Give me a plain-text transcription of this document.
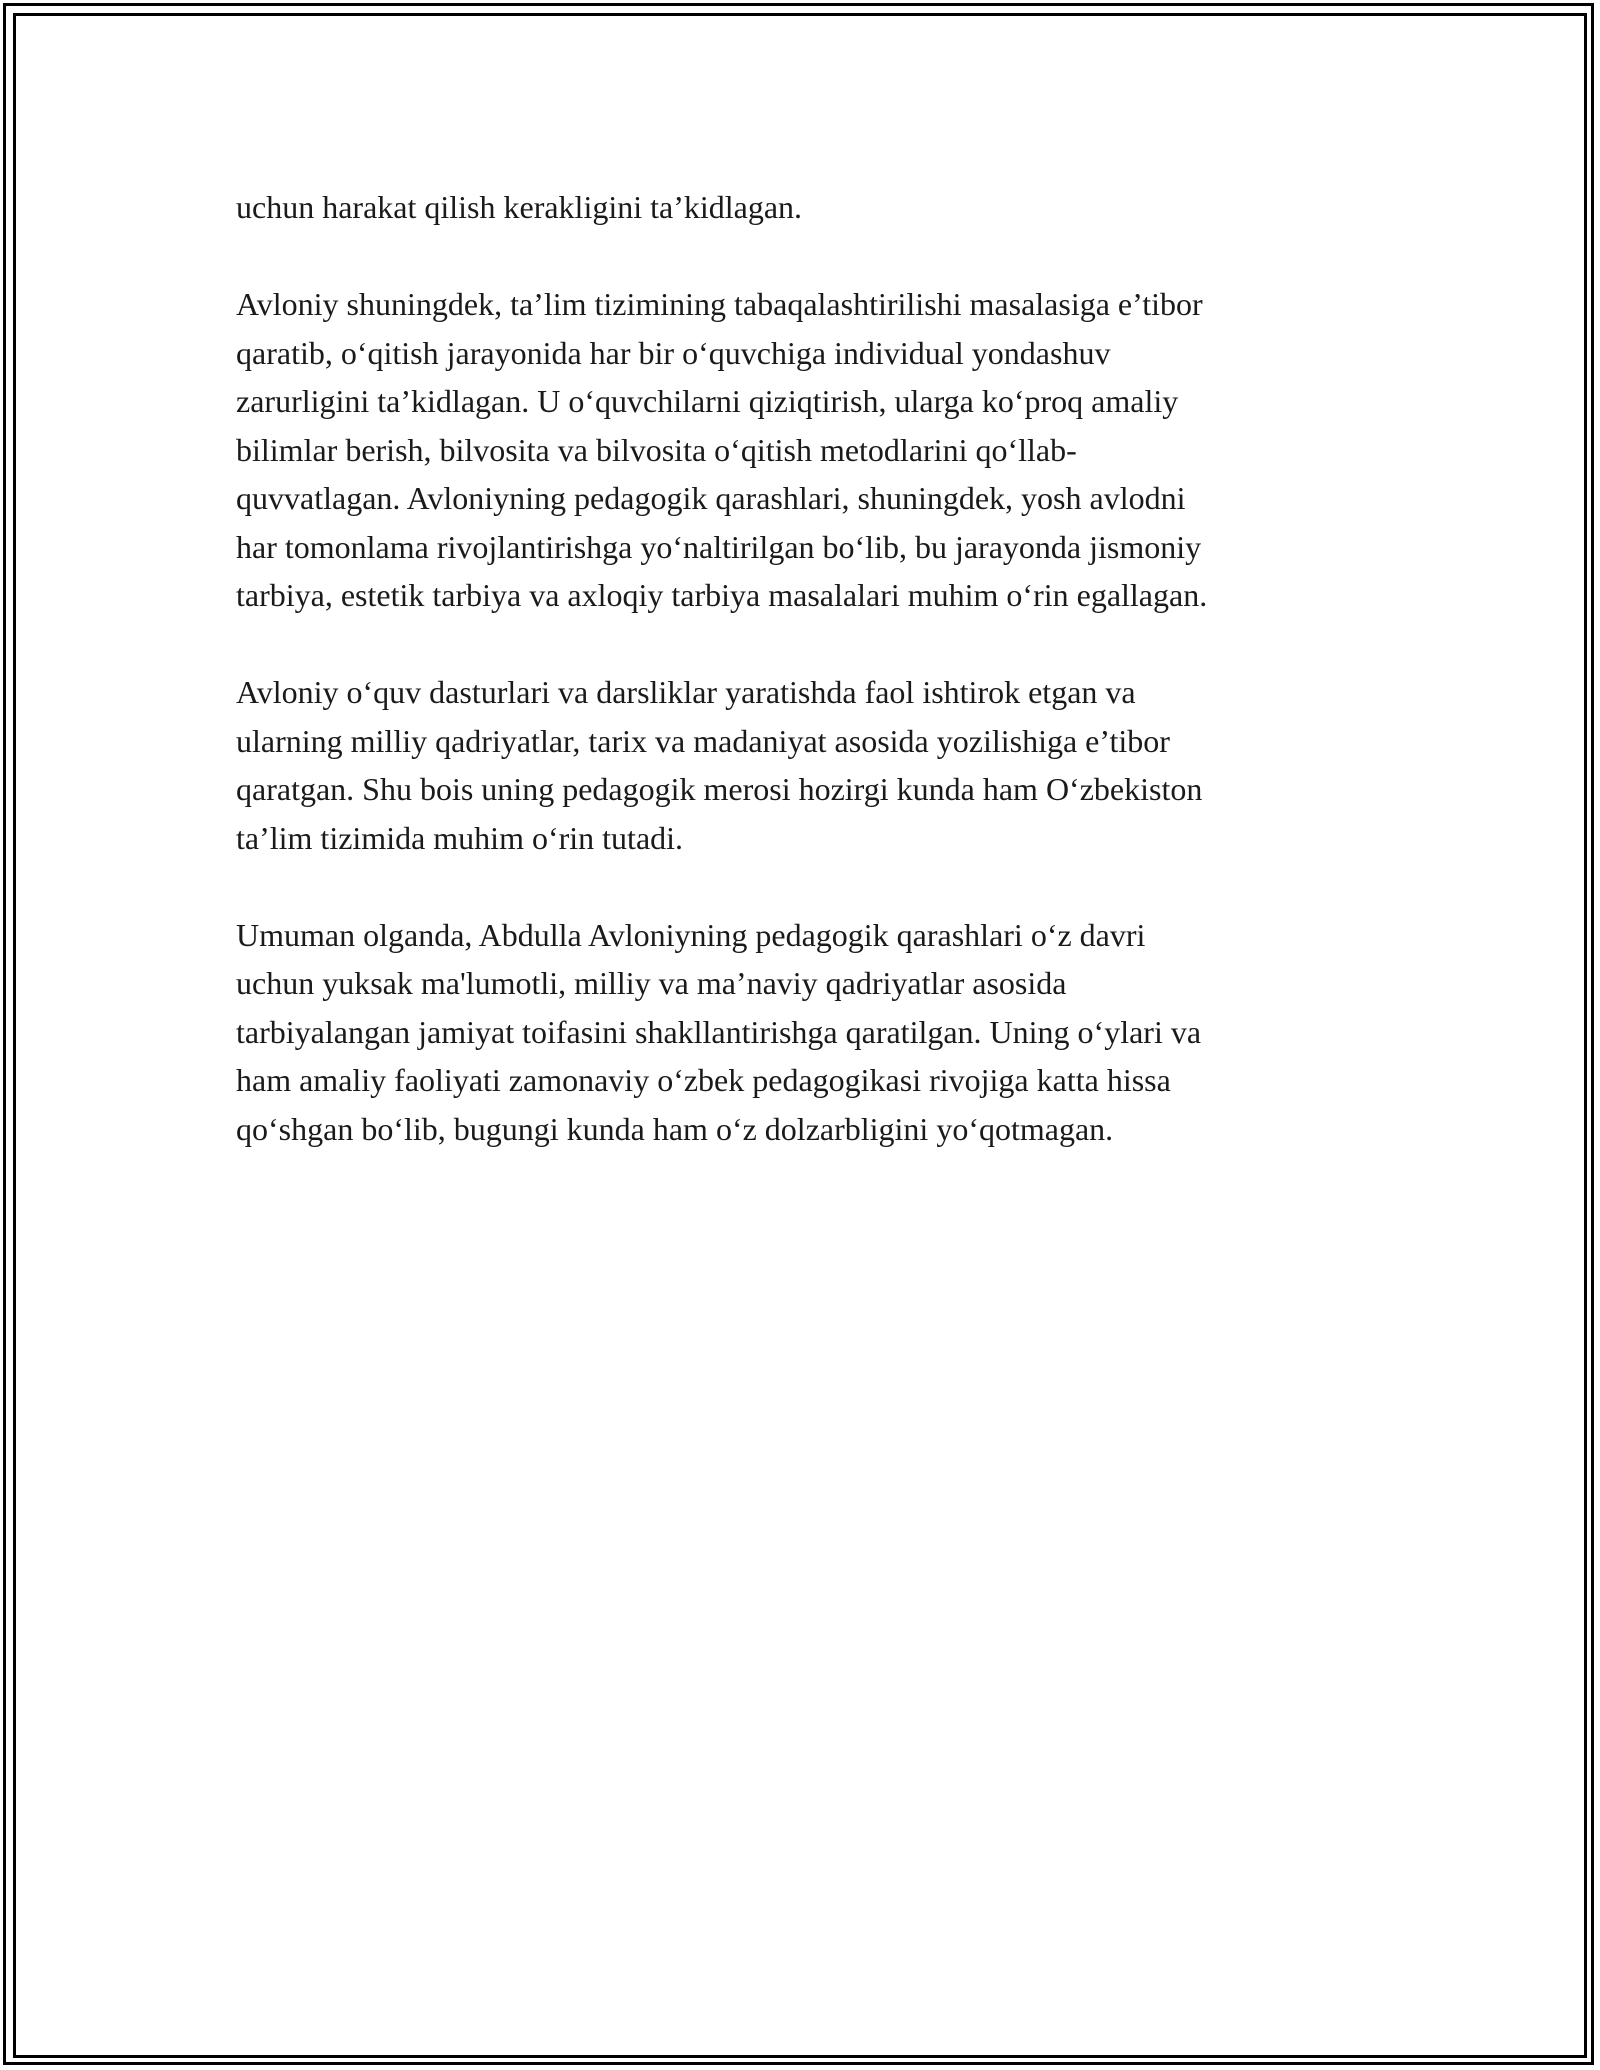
uchun harakat qilish kerakligini ta’kidlagan.

Avloniy shuningdek, ta’lim tizimining tabaqalashtirilishi masalasiga e’tibor
qaratib, o‘qitish jarayonida har bir o‘quvchiga individual yondashuv
zarurligini ta’kidlagan. U o‘quvchilarni qiziqtirish, ularga ko‘proq amaliy
bilimlar berish, bilvosita va bilvosita o‘qitish metodlarini qo‘llab-
quvvatlagan. Avloniyning pedagogik qarashlari, shuningdek, yosh avlodni
har tomonlama rivojlantirishga yo‘naltirilgan bo‘lib, bu jarayonda jismoniy
tarbiya, estetik tarbiya va axloqiy tarbiya masalalari muhim o‘rin egallagan.

Avloniy o‘quv dasturlari va darsliklar yaratishda faol ishtirok etgan va
ularning milliy qadriyatlar, tarix va madaniyat asosida yozilishiga e’tibor
qaratgan. Shu bois uning pedagogik merosi hozirgi kunda ham O‘zbekiston
ta’lim tizimida muhim o‘rin tutadi.

Umuman olganda, Abdulla Avloniyning pedagogik qarashlari o‘z davri
uchun yuksak ma'lumotli, milliy va ma’naviy qadriyatlar asosida
tarbiyalangan jamiyat toifasini shakllantirishga qaratilgan. Uning o‘ylari va
ham amaliy faoliyati zamonaviy o‘zbek pedagogikasi rivojiga katta hissa
qo‘shgan bo‘lib, bugungi kunda ham o‘z dolzarbligini yo‘qotmagan.
